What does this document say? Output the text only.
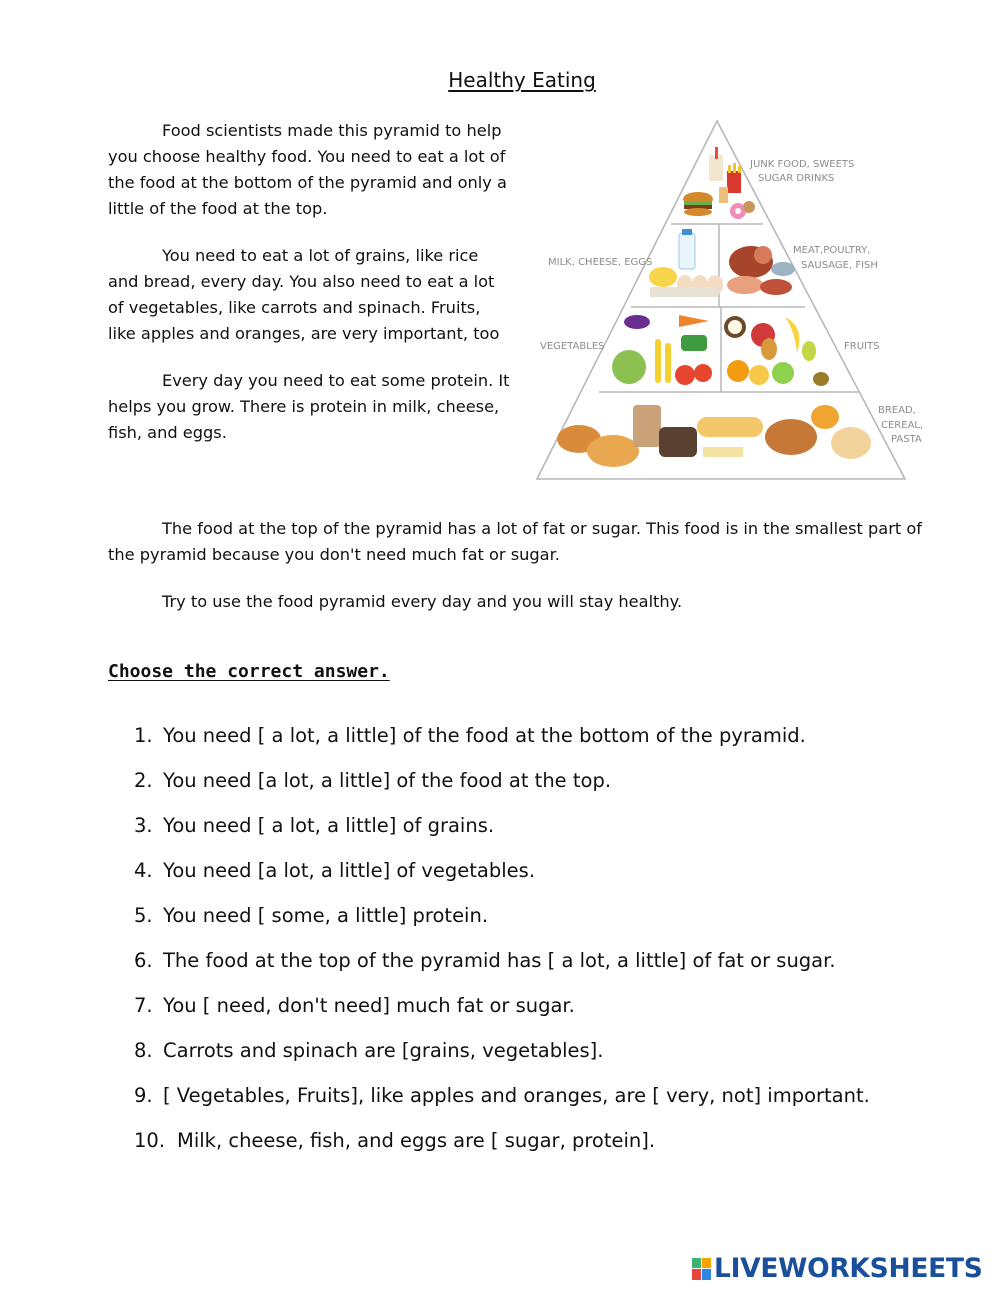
Healthy Eating

Food scientists made this pyramid to help you choose healthy food. You need to eat a lot of the food at the bottom of the pyramid and only a little of the food at the top.

You need to eat a lot of grains, like rice and bread, every day. You also need to eat a lot of vegetables, like carrots and spinach. Fruits, like apples and oranges, are very important, too

Every day you need to eat some protein. It helps you grow. There is protein in milk, cheese, fish, and eggs.

JUNK FOOD, SWEETS
SUGAR DRINKS
MEAT,POULTRY,
SAUSAGE, FISH
MILK, CHEESE, EGGS
VEGETABLES	FRUITS
BREAD,
CEREAL,
PASTA

The food at the top of the pyramid has a lot of fat or sugar. This food is in the smallest part of the pyramid because you don't need much fat or sugar.

Try to use the food pyramid every day and you will stay healthy.

Choose the correct answer.
1. You need [ a lot, a little] of the food at the bottom of the pyramid.
2. You need [a lot, a little] of the food at the top.
3. You need [ a lot, a little] of grains.
4. You need [a lot, a little] of vegetables.
5. You need [ some, a little] protein.
6. The food at the top of the pyramid has [ a lot, a little] of fat or sugar.
7. You [ need, don't need] much fat or sugar.
8. Carrots and spinach are [grains, vegetables].
9. [ Vegetables, Fruits], like apples and oranges, are [ very, not] important.
10. Milk, cheese, fish, and eggs are [ sugar, protein].
LIVEWORKSHEETS
